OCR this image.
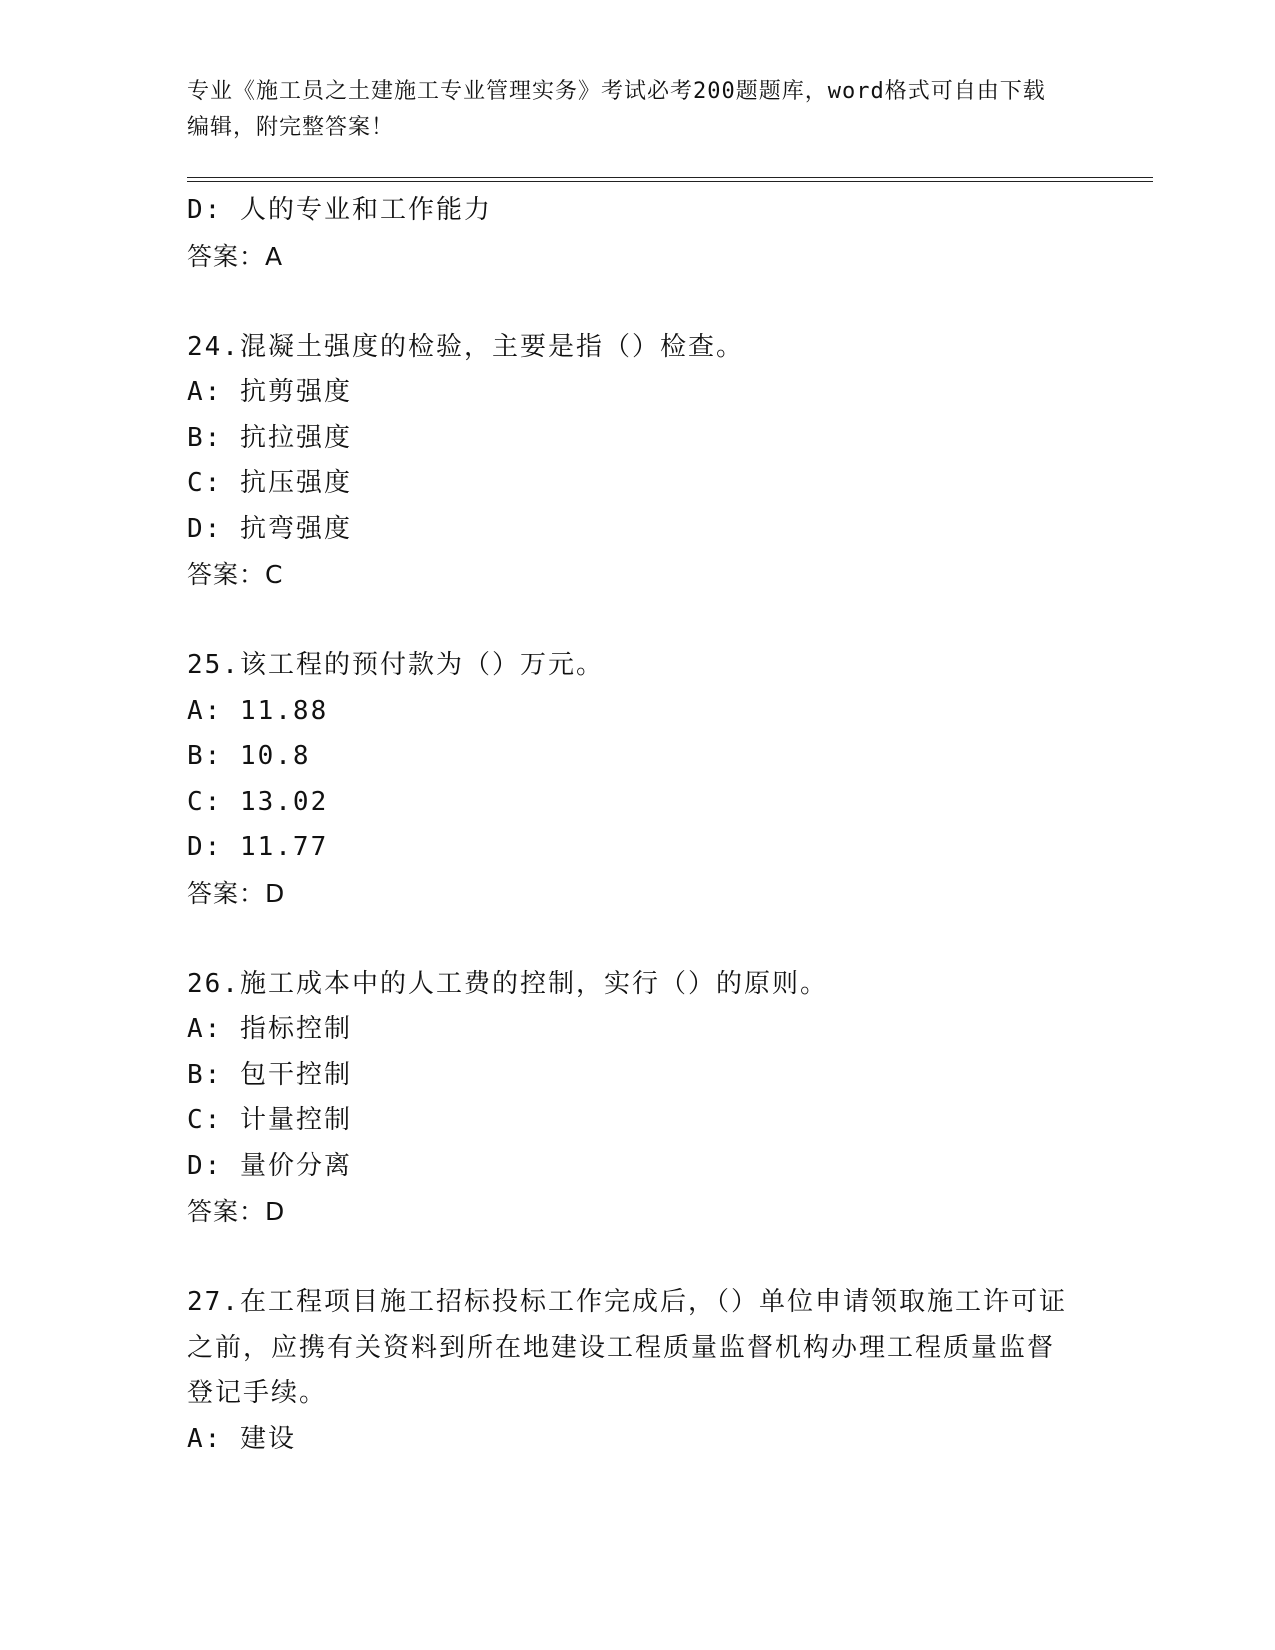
专业《施工员之土建施工专业管理实务》考试必考200题题库，word格式可自由下载编辑，附完整答案！
D: 人的专业和工作能力
答案：A
24.混凝土强度的检验，主要是指（）检查。
A: 抗剪强度
B: 抗拉强度
C: 抗压强度
D: 抗弯强度
答案：C
25.该工程的预付款为（）万元。
A: 11.88
B: 10.8
C: 13.02
D: 11.77
答案：D
26.施工成本中的人工费的控制，实行（）的原则。
A: 指标控制
B: 包干控制
C: 计量控制
D: 量价分离
答案：D
27.在工程项目施工招标投标工作完成后，（）单位申请领取施工许可证之前，应携有关资料到所在地建设工程质量监督机构办理工程质量监督登记手续。
A: 建设
